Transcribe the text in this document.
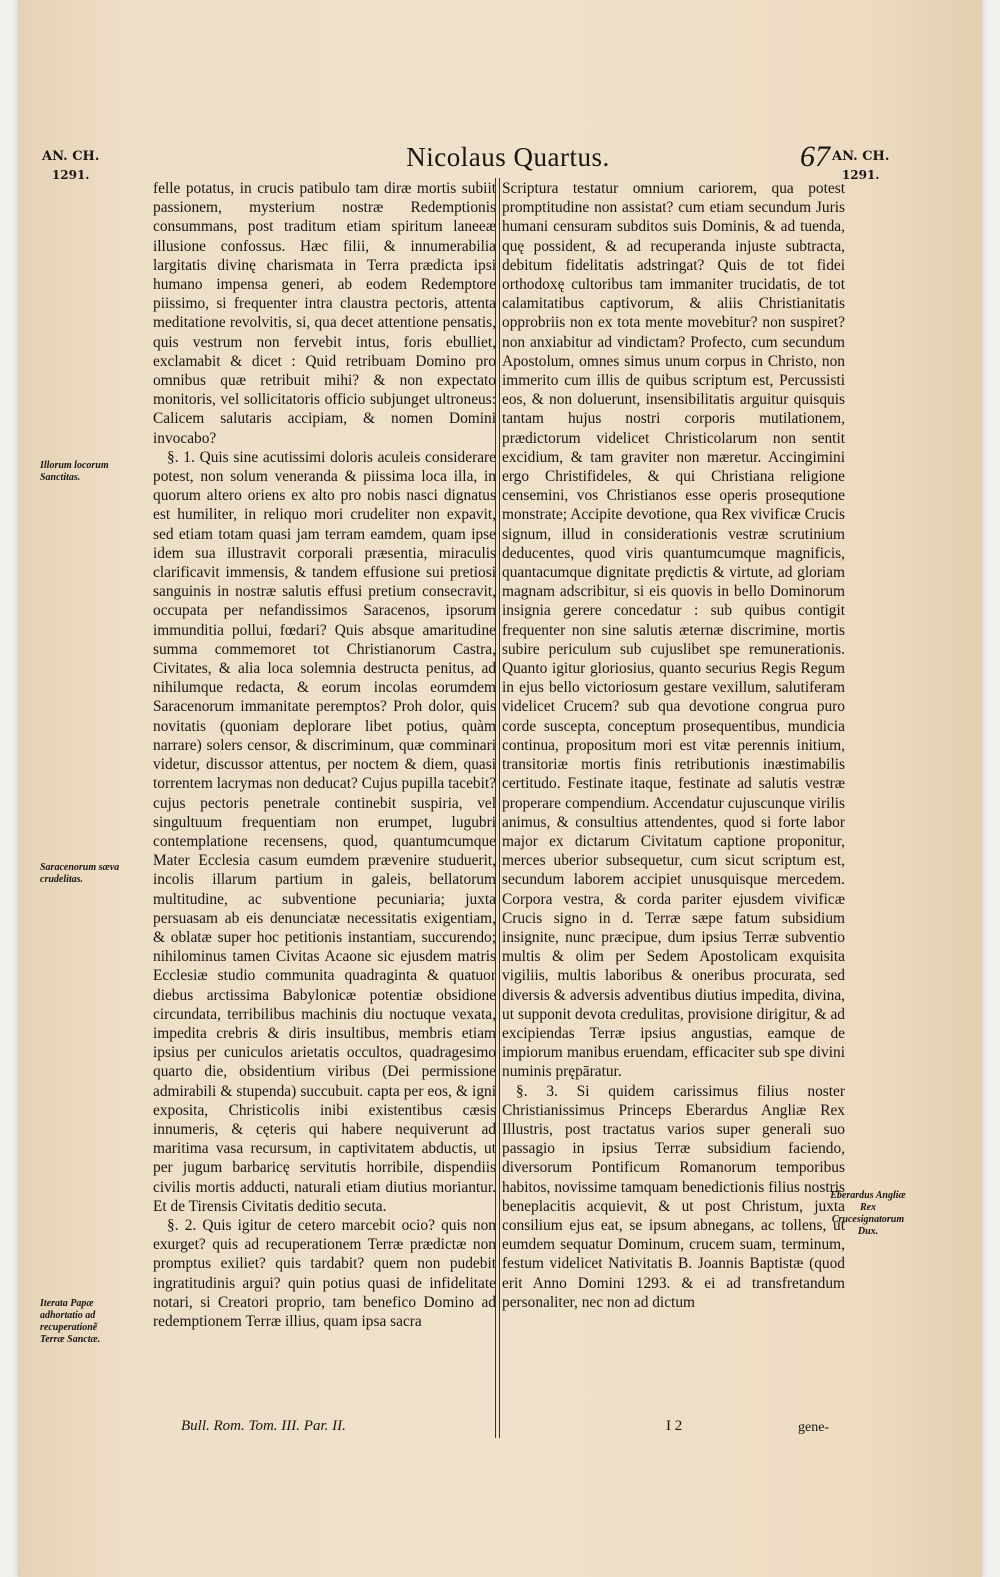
AN. CH.
1291.
Nicolaus Quartus.	67 AN. CH.
1291.
Illorum locorum Sanctitas.
Saracenorum sæva crudelitas.
Iterata Papæ adhortatio ad recuperationẽ Terræ Sanctæ.
Eberardus Angliæ Rex Crucesignatorum Dux.

felle potatus, in crucis patibulo tam diræ mortis subiit passionem, mysterium nostræ Redemptionis consummans, post traditum etiam spiritum laneeæ illusione confossus. Hæc filii, & innumerabilia largitatis divinę charismata in Terra prædicta ipsi humano impensa generi, ab eodem Redemptore piissimo, si frequenter intra claustra pectoris, attenta meditatione revolvitis, si, qua decet attentione pensatis, quis vestrum non fervebit intus, foris ebulliet, exclamabit & dicet : Quid retribuam Domino pro omnibus quæ retribuit mihi? & non expectato monitoris, vel sollicitatoris officio subjunget ultroneus: Calicem salutaris accipiam, & nomen Domini invocabo?

§. 1. Quis sine acutissimi doloris aculeis considerare potest, non solum veneranda & piissima loca illa, in quorum altero oriens ex alto pro nobis nasci dignatus est humiliter, in reliquo mori crudeliter non expavit, sed etiam totam quasi jam terram eamdem, quam ipse idem sua illustravit corporali præsentia, miraculis clarificavit immensis, & tandem effusione sui pretiosi sanguinis in nostræ salutis effusi pretium consecravit, occupata per nefandissimos Saracenos, ipsorum immunditia pollui, fœdari? Quis absque amaritudine summa commemoret tot Christianorum Castra, Civitates, & alia loca solemnia destructa penitus, ad nihilumque redacta, & eorum incolas eorumdem Saracenorum immanitate peremptos? Proh dolor, quis novitatis (quoniam deplorare libet potius, quàm narrare) solers censor, & discriminum, quæ comminari videtur, discussor attentus, per noctem & diem, quasi torrentem lacrymas non deducat? Cujus pupilla tacebit? cujus pectoris penetrale continebit suspiria, vel singultuum frequentiam non erumpet, lugubri contemplatione recensens, quod, quantumcumque Mater Ecclesia casum eumdem prævenire studuerit, incolis illarum partium in galeis, bellatorum multitudine, ac subventione pecuniaria; juxta persuasam ab eis denunciatæ necessitatis exigentiam, & oblatæ super hoc petitionis instantiam, succurendo; nihilominus tamen Civitas Acaone sic ejusdem matris Ecclesiæ studio communita quadraginta & quatuor diebus arctissima Babylonicæ potentiæ obsidione circundata, terribilibus machinis diu noctuque vexata, impedita crebris & diris insultibus, membris etiam ipsius per cuniculos arietatis occultos, quadragesimo quarto die, obsidentium viribus (Dei permissione admirabili & stupenda) succubuit. capta per eos, & igni exposita, Christicolis inibi existentibus cæsis innumeris, & cęteris qui habere nequiverunt ad maritima vasa recursum, in captivitatem abductis, ut per jugum barbaricę servitutis horribile, dispendiis civilis mortis adducti, naturali etiam diutius moriantur. Et de Tirensis Civitatis deditio secuta.

§. 2. Quis igitur de cetero marcebit ocio? quis non exurget? quis ad recuperationem Terræ prædictæ non promptus exiliet? quis tardabit? quem non pudebit ingratitudinis argui? quin potius quasi de infidelitate notari, si Creatori proprio, tam benefico Domino ad redemptionem Terræ illius, quam ipsa sacra

Scriptura testatur omnium cariorem, qua potest promptitudine non assistat? cum etiam secundum Juris humani censuram subditos suis Dominis, & ad tuenda, quę possident, & ad recuperanda injuste subtracta, debitum fidelitatis adstringat? Quis de tot fidei orthodoxę cultoribus tam immaniter trucidatis, de tot calamitatibus captivorum, & aliis Christianitatis opprobriis non ex tota mente movebitur? non suspiret? non anxiabitur ad vindictam? Profecto, cum secundum Apostolum, omnes simus unum corpus in Christo, non immerito cum illis de quibus scriptum est, Percussisti eos, & non doluerunt, insensibilitatis arguitur quisquis tantam hujus nostri corporis mutilationem, prædictorum videlicet Christicolarum non sentit excidium, & tam graviter non mæretur. Accingimini ergo Christifideles, & qui Christiana religione censemini, vos Christianos esse operis prosequtione monstrate; Accipite devotione, qua Rex vivificæ Crucis signum, illud in considerationis vestræ scrutinium deducentes, quod viris quantumcumque magnificis, quantacumque dignitate prędictis & virtute, ad gloriam magnam adscribitur, si eis quovis in bello Dominorum insignia gerere concedatur : sub quibus contigit frequenter non sine salutis æternæ discrimine, mortis subire periculum sub cujuslibet spe remunerationis. Quanto igitur gloriosius, quanto securius Regis Regum in ejus bello victoriosum gestare vexillum, salutiferam videlicet Crucem? sub qua devotione congrua puro corde suscepta, conceptum prosequentibus, mundicia continua, propositum mori est vitæ perennis initium, transitoriæ mortis finis retributionis inæstimabilis certitudo. Festinate itaque, festinate ad salutis vestræ properare compendium. Accendatur cujuscunque virilis animus, & consultius attendentes, quod si forte labor major ex dictarum Civitatum captione proponitur, merces uberior subsequetur, cum sicut scriptum est, secundum laborem accipiet unusquisque mercedem. Corpora vestra, & corda pariter ejusdem vivificæ Crucis signo in d. Terræ sæpe fatum subsidium insignite, nunc præcipue, dum ipsius Terræ subventio multis & olim per Sedem Apostolicam exquisita vigiliis, multis laboribus & oneribus procurata, sed diversis & adversis adventibus diutius impedita, divina, ut supponit devota credulitas, provisione dirigitur, & ad excipiendas Terræ ipsius angustias, eamque de impiorum manibus eruendam, efficaciter sub spe divini numinis prępāratur.

§. 3. Si quidem carissimus filius noster Christianissimus Princeps Eberardus Angliæ Rex Illustris, post tractatus varios super generali suo passagio in ipsius Terræ subsidium faciendo, diversorum Pontificum Romanorum temporibus habitos, novissime tamquam benedictionis filius nostris beneplacitis acquievit, & ut post Christum, juxta consilium ejus eat, se ipsum abnegans, ac tollens, ut eumdem sequatur Dominum, crucem suam, terminum, festum videlicet Nativitatis B. Joannis Baptistæ (quod erit Anno Domini 1293. & ei ad transfretandum personaliter, nec non ad dictum

Bull. Rom. Tom. III. Par. II.	I 2	gene-
